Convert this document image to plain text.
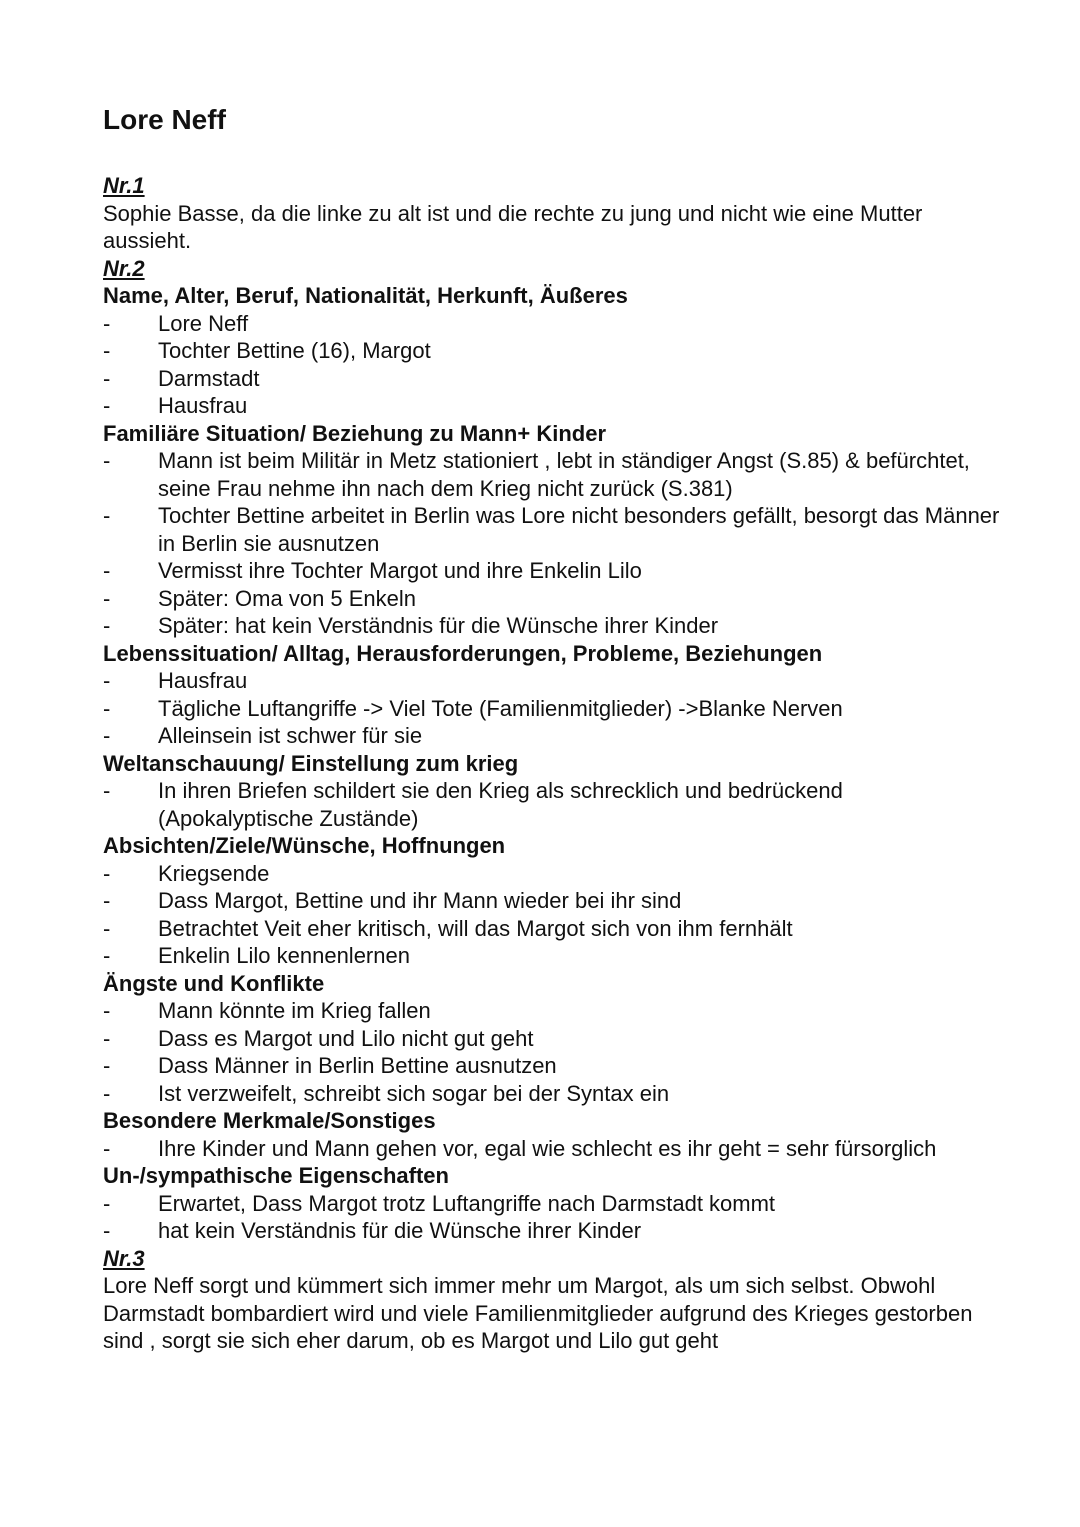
Lore Neff
Nr.1
Sophie Basse, da die linke zu alt ist und die rechte zu jung und nicht wie eine Mutter aussieht.
Nr.2
Name, Alter, Beruf, Nationalität, Herkunft, Äußeres
- Lore Neff
- Tochter Bettine (16), Margot
- Darmstadt
- Hausfrau
Familiäre Situation/ Beziehung zu Mann+ Kinder
- Mann ist beim Militär in Metz stationiert , lebt in ständiger Angst (S.85) & befürchtet, seine Frau nehme ihn nach dem Krieg nicht zurück (S.381)
- Tochter Bettine arbeitet in Berlin was Lore nicht besonders gefällt, besorgt das Männer in Berlin sie ausnutzen
- Vermisst ihre Tochter Margot und ihre Enkelin Lilo
- Später: Oma von 5 Enkeln
- Später: hat kein Verständnis für die Wünsche ihrer Kinder
Lebenssituation/ Alltag, Herausforderungen, Probleme, Beziehungen
- Hausfrau
- Tägliche Luftangriffe -> Viel Tote (Familienmitglieder) ->Blanke Nerven
- Alleinsein ist schwer für sie
Weltanschauung/ Einstellung zum krieg
- In ihren Briefen schildert sie den Krieg als schrecklich und bedrückend (Apokalyptische Zustände)
Absichten/Ziele/Wünsche, Hoffnungen
- Kriegsende
- Dass Margot, Bettine und ihr Mann wieder bei ihr sind
- Betrachtet Veit eher kritisch, will das Margot sich von ihm fernhält
- Enkelin Lilo kennenlernen
Ängste und Konflikte
- Mann könnte im Krieg fallen
- Dass es Margot und Lilo nicht gut geht
- Dass Männer in Berlin Bettine ausnutzen
- Ist verzweifelt, schreibt sich sogar bei der Syntax ein
Besondere Merkmale/Sonstiges
- Ihre Kinder und Mann gehen vor, egal wie schlecht es ihr geht = sehr fürsorglich
Un-/sympathische Eigenschaften
- Erwartet, Dass Margot trotz Luftangriffe nach Darmstadt kommt
- hat kein Verständnis für die Wünsche ihrer Kinder
Nr.3
Lore Neff sorgt und kümmert sich immer mehr um Margot, als um sich selbst. Obwohl Darmstadt bombardiert wird und viele Familienmitglieder aufgrund des Krieges gestorben sind , sorgt sie sich eher darum, ob es Margot und Lilo gut geht
